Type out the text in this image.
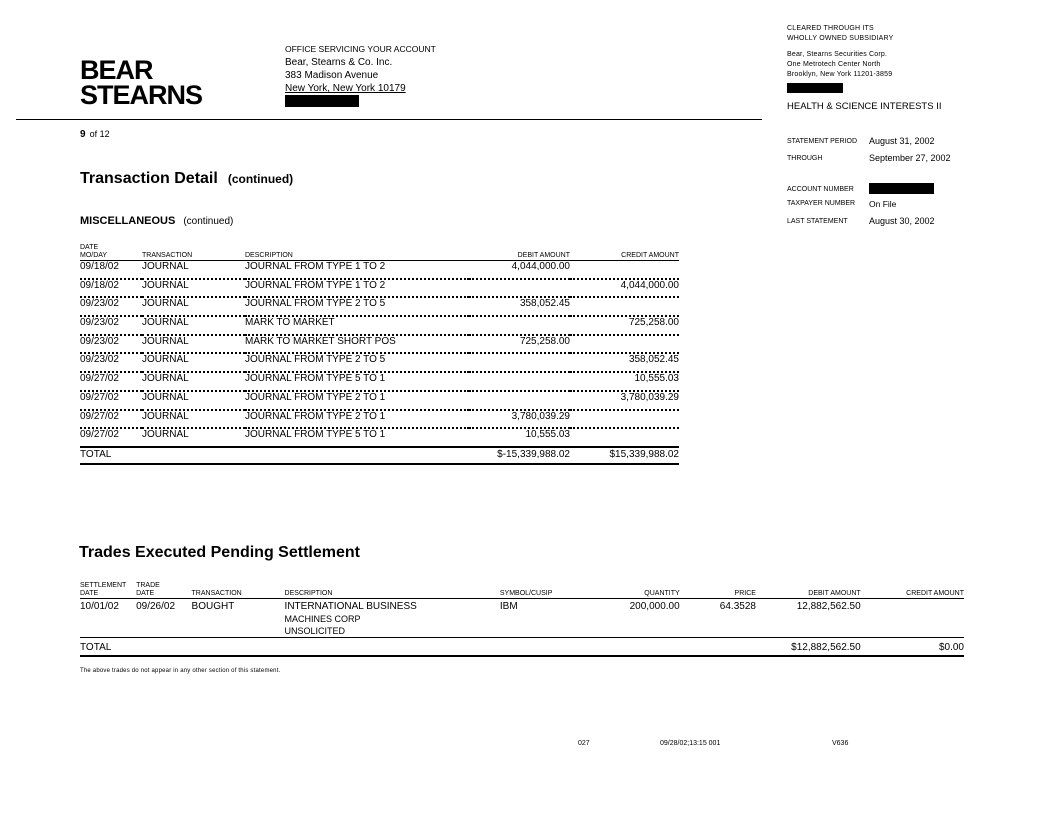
BEAR
STEARNS
OFFICE SERVICING YOUR ACCOUNT
Bear, Stearns & Co. Inc.
383 Madison Avenue
New York, New York 10179
9 of 12
CLEARED THROUGH ITS
WHOLLY OWNED SUBSIDIARY
Bear, Stearns Securities Corp.
One Metrotech Center North
Brooklyn, New York 11201-3859
HEALTH & SCIENCE INTERESTS II
STATEMENT PERIOD August 31, 2002
THROUGH	September 27, 2002
ACCOUNT NUMBER
TAXPAYER NUMBER On File
LAST STATEMENT August 30, 2002
Transaction Detail (continued)
MISCELLANEOUS (continued)
DATE
MO/DAY	TRANSACTION	DESCRIPTION	DEBIT AMOUNT	CREDIT AMOUNT
09/18/02	JOURNAL	JOURNAL FROM TYPE 1 TO 2	4,044,000.00	
09/18/02	JOURNAL	JOURNAL FROM TYPE 1 TO 2		4,044,000.00
09/23/02	JOURNAL	JOURNAL FROM TYPE 2 TO 5	358,052.45	
09/23/02	JOURNAL	MARK TO MARKET		725,258.00
09/23/02	JOURNAL	MARK TO MARKET SHORT POS	725,258.00	
09/23/02	JOURNAL	JOURNAL FROM TYPE 2 TO 5		358,052.45
09/27/02	JOURNAL	JOURNAL FROM TYPE 5 TO 1		10,555.03
09/27/02	JOURNAL	JOURNAL FROM TYPE 2 TO 1		3,780,039.29
09/27/02	JOURNAL	JOURNAL FROM TYPE 2 TO 1	3,780,039.29	
09/27/02	JOURNAL	JOURNAL FROM TYPE 5 TO 1	10,555.03	
TOTAL			$-15,339,988.02	$15,339,988.02
Trades Executed Pending Settlement
SETTLEMENT
DATE	TRADE
DATE	TRANSACTION	DESCRIPTION	SYMBOL/CUSIP	QUANTITY	PRICE	DEBIT AMOUNT	CREDIT AMOUNT
10/01/02	09/26/02	BOUGHT	INTERNATIONAL BUSINESS
MACHINES CORP
UNSOLICITED	IBM	200,000.00	64.3528	12,882,562.50	
TOTAL							$12,882,562.50	$0.00
The above trades do not appear in any other section of this statement.
027	09/28/02;13:15 001	V636
